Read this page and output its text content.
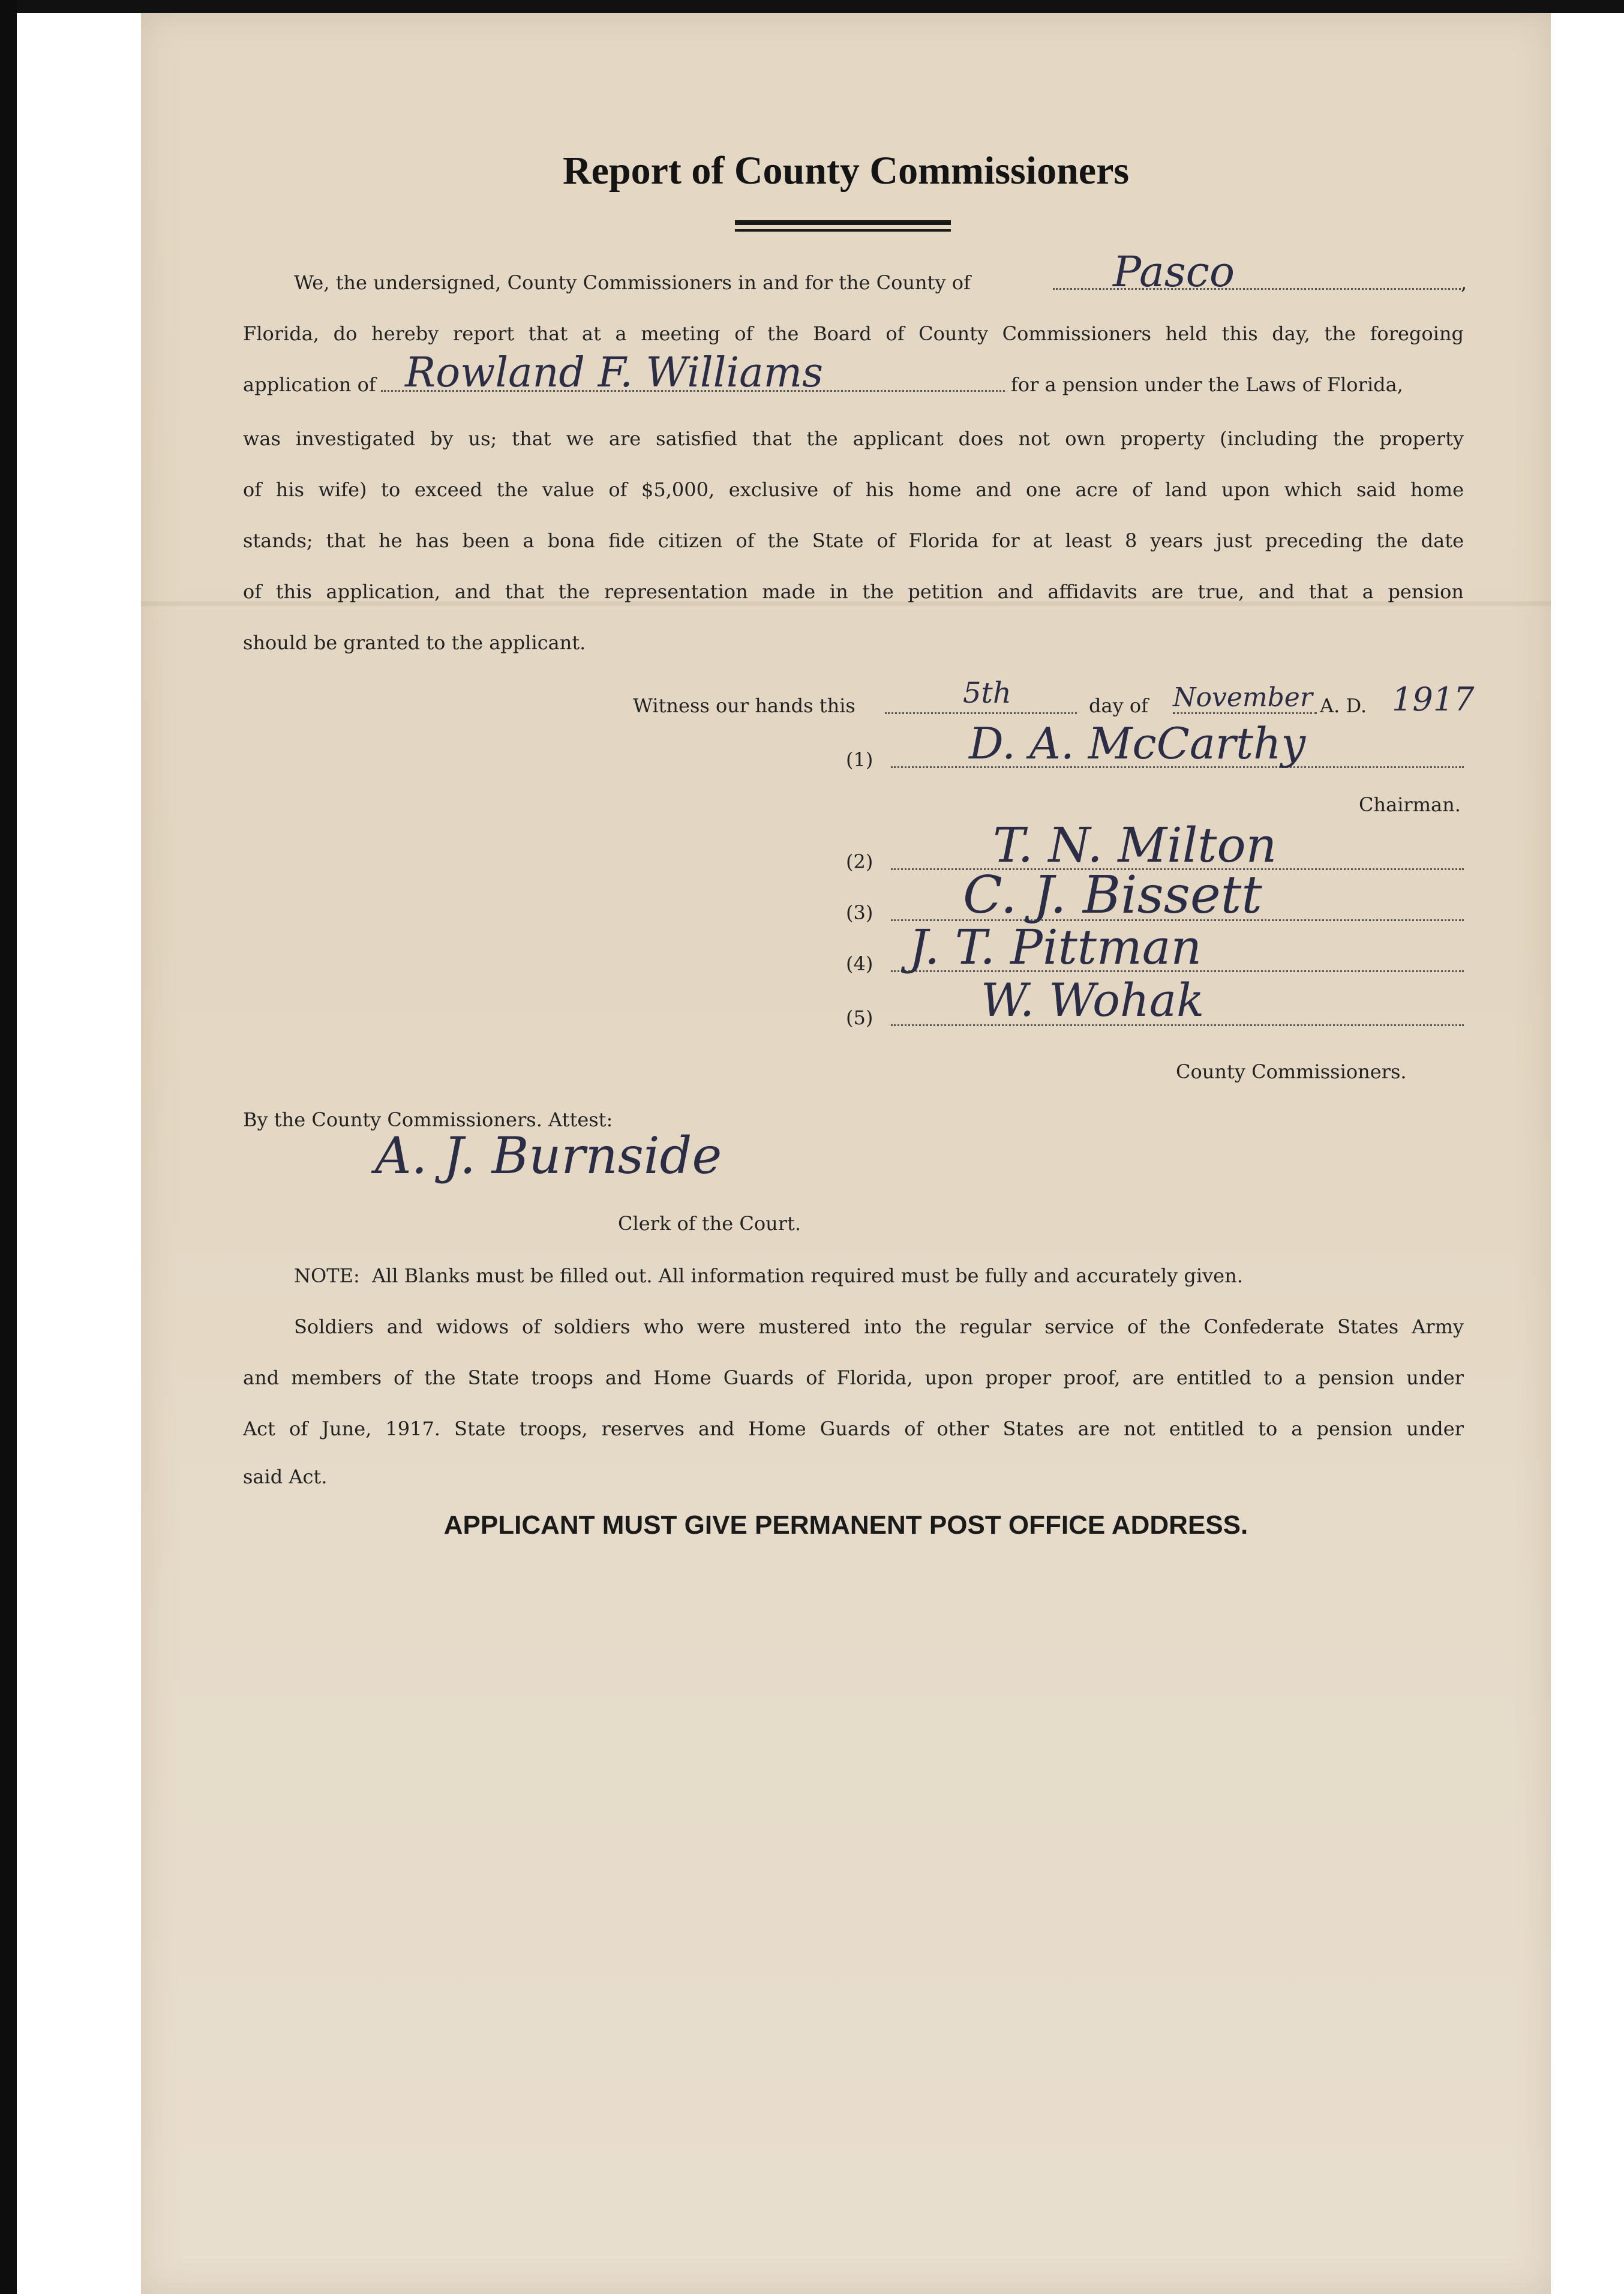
Report of County Commissioners
We, the undersigned, County Commissioners in and for the County of	Pasco	,
Florida, do hereby report that at a meeting of the Board of County Commissioners held this day, the foregoing
application of Rowland F. Williams	for a pension under the Laws of Florida,
was investigated by us; that we are satisfied that the applicant does not own property (including the property
of his wife) to exceed the value of $5,000, exclusive of his home and one acre of land upon which said home
stands; that he has been a bona fide citizen of the State of Florida for at least 8 years just preceding the date
of this application, and that the representation made in the petition and affidavits are true, and that a pension
should be granted to the applicant.
Witness our hands this	5th	day of November A. D. 1917
(1) D. A. McCarthy
Chairman.
(2) T. N. Milton
(3) C. J. Bissett
(4) J. T. Pittman
(5) W. Wohak
County Commissioners.
By the County Commissioners. Attest:
A. J. Burnside
Clerk of the Court.
NOTE: All Blanks must be filled out. All information required must be fully and accurately given.
Soldiers and widows of soldiers who were mustered into the regular service of the Confederate States Army
and members of the State troops and Home Guards of Florida, upon proper proof, are entitled to a pension under
Act of June, 1917. State troops, reserves and Home Guards of other States are not entitled to a pension under
said Act.
APPLICANT MUST GIVE PERMANENT POST OFFICE ADDRESS.
